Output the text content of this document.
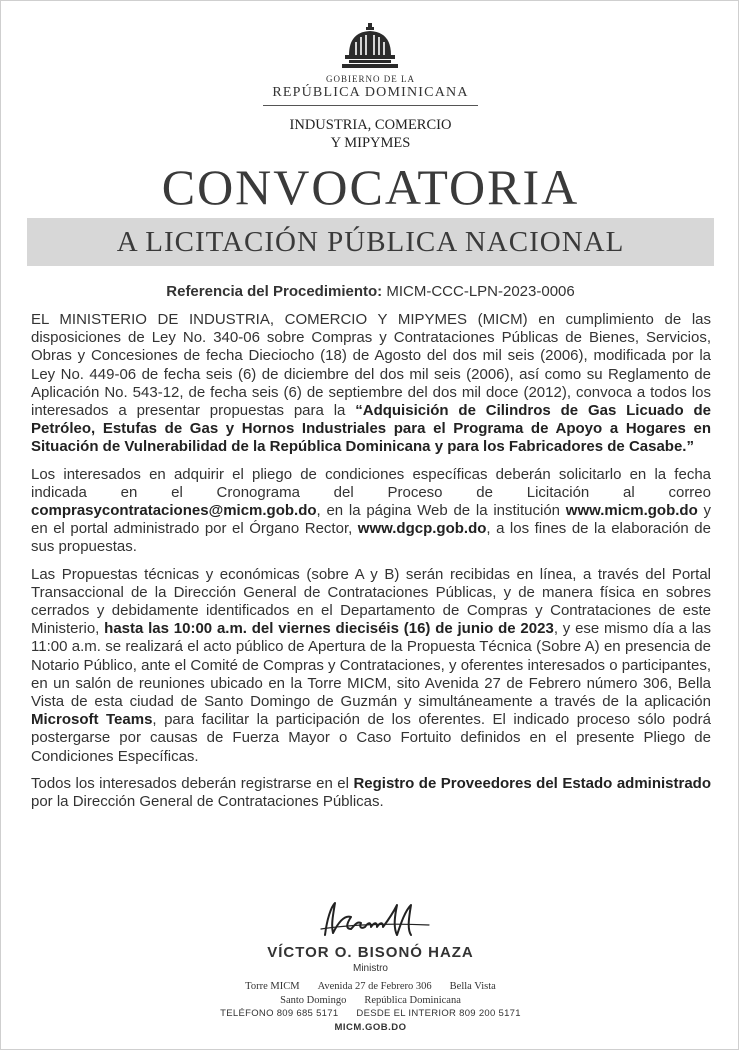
GOBIERNO DE LA
REPÚBLICA DOMINICANA
INDUSTRIA, COMERCIO
Y MIPYMES
CONVOCATORIA
A LICITACIÓN PÚBLICA NACIONAL
Referencia del Procedimiento: MICM-CCC-LPN-2023-0006

EL MINISTERIO DE INDUSTRIA, COMERCIO Y MIPYMES (MICM) en cumplimiento de las disposiciones de Ley No. 340-06 sobre Compras y Contrataciones Públicas de Bienes, Servicios, Obras y Concesiones de fecha Dieciocho (18) de Agosto del dos mil seis (2006), modificada por la Ley No. 449-06 de fecha seis (6) de diciembre del dos mil seis (2006), así como su Reglamento de Aplicación No. 543-12, de fecha seis (6) de septiembre del dos mil doce (2012), convoca a todos los interesados a presentar propuestas para la “Adquisición de Cilindros de Gas Licuado de Petróleo, Estufas de Gas y Hornos Industriales para el Programa de Apoyo a Hogares en Situación de Vulnerabilidad de la República Dominicana y para los Fabricadores de Casabe.”

Los interesados en adquirir el pliego de condiciones específicas deberán solicitarlo en la fecha indicada en el Cronograma del Proceso de Licitación al correo comprasycontrataciones@micm.gob.do, en la página Web de la institución www.micm.gob.do y en el portal administrado por el Órgano Rector, www.dgcp.gob.do, a los fines de la elaboración de sus propuestas.

Las Propuestas técnicas y económicas (sobre A y B) serán recibidas en línea, a través del Portal Transaccional de la Dirección General de Contrataciones Públicas, y de manera física en sobres cerrados y debidamente identificados en el Departamento de Compras y Contrataciones de este Ministerio, hasta las 10:00 a.m. del viernes dieciséis (16) de junio de 2023, y ese mismo día a las 11:00 a.m. se realizará el acto público de Apertura de la Propuesta Técnica (Sobre A) en presencia de Notario Público, ante el Comité de Compras y Contrataciones, y oferentes interesados o participantes, en un salón de reuniones ubicado en la Torre MICM, sito Avenida 27 de Febrero número 306, Bella Vista de esta ciudad de Santo Domingo de Guzmán y simultáneamente a través de la aplicación Microsoft Teams, para facilitar la participación de los oferentes. El indicado proceso sólo podrá postergarse por causas de Fuerza Mayor o Caso Fortuito definidos en el presente Pliego de Condiciones Específicas.

Todos los interesados deberán registrarse en el Registro de Proveedores del Estado administrado por la Dirección General de Contrataciones Públicas.

VÍCTOR O. BISONÓ HAZA
Ministro
Torre MICM Avenida 27 de Febrero 306 Bella Vista
Santo Domingo República Dominicana
TELÉFONO 809 685 5171 DESDE EL INTERIOR 809 200 5171
MICM.GOB.DO
